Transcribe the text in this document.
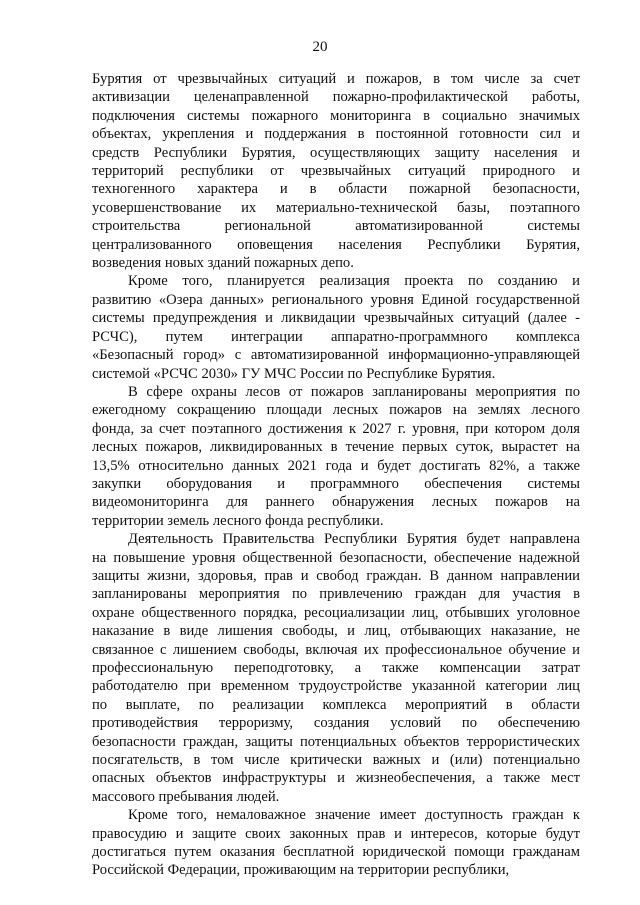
20

Бурятия от чрезвычайных ситуаций и пожаров, в том числе за счет
активизации целенаправленной пожарно-профилактической работы,
подключения системы пожарного мониторинга в социально значимых
объектах, укрепления и поддержания в постоянной готовности сил и
средств Республики Бурятия, осуществляющих защиту населения и
территорий республики от чрезвычайных ситуаций природного и
техногенного характера и в области пожарной безопасности,
усовершенствование их материально-технической базы, поэтапного
строительства региональной автоматизированной системы
централизованного оповещения населения Республики Бурятия,
возведения новых зданий пожарных депо.

Кроме того, планируется реализация проекта по созданию и
развитию «Озера данных» регионального уровня Единой государственной
системы предупреждения и ликвидации чрезвычайных ситуаций (далее -
РСЧС), путем интеграции аппаратно-программного комплекса
«Безопасный город» с автоматизированной информационно-управляющей
системой «РСЧС 2030» ГУ МЧС России по Республике Бурятия.

В сфере охраны лесов от пожаров запланированы мероприятия по
ежегодному сокращению площади лесных пожаров на землях лесного
фонда, за счет поэтапного достижения к 2027 г. уровня, при котором доля
лесных пожаров, ликвидированных в течение первых суток, вырастет на
13,5% относительно данных 2021 года и будет достигать 82%, а также
закупки оборудования и программного обеспечения системы
видеомониторинга для раннего обнаружения лесных пожаров на
территории земель лесного фонда республики.

Деятельность Правительства Республики Бурятия будет направлена
на повышение уровня общественной безопасности, обеспечение надежной
защиты жизни, здоровья, прав и свобод граждан. В данном направлении
запланированы мероприятия по привлечению граждан для участия в
охране общественного порядка, ресоциализации лиц, отбывших уголовное
наказание в виде лишения свободы, и лиц, отбывающих наказание, не
связанное с лишением свободы, включая их профессиональное обучение и
профессиональную переподготовку, а также компенсации затрат
работодателю при временном трудоустройстве указанной категории лиц
по выплате, по реализации комплекса мероприятий в области
противодействия терроризму, создания условий по обеспечению
безопасности граждан, защиты потенциальных объектов террористических
посягательств, в том числе критически важных и (или) потенциально
опасных объектов инфраструктуры и жизнеобеспечения, а также мест
массового пребывания людей.

Кроме того, немаловажное значение имеет доступность граждан к
правосудию и защите своих законных прав и интересов, которые будут
достигаться путем оказания бесплатной юридической помощи гражданам
Российской Федерации, проживающим на территории республики,
